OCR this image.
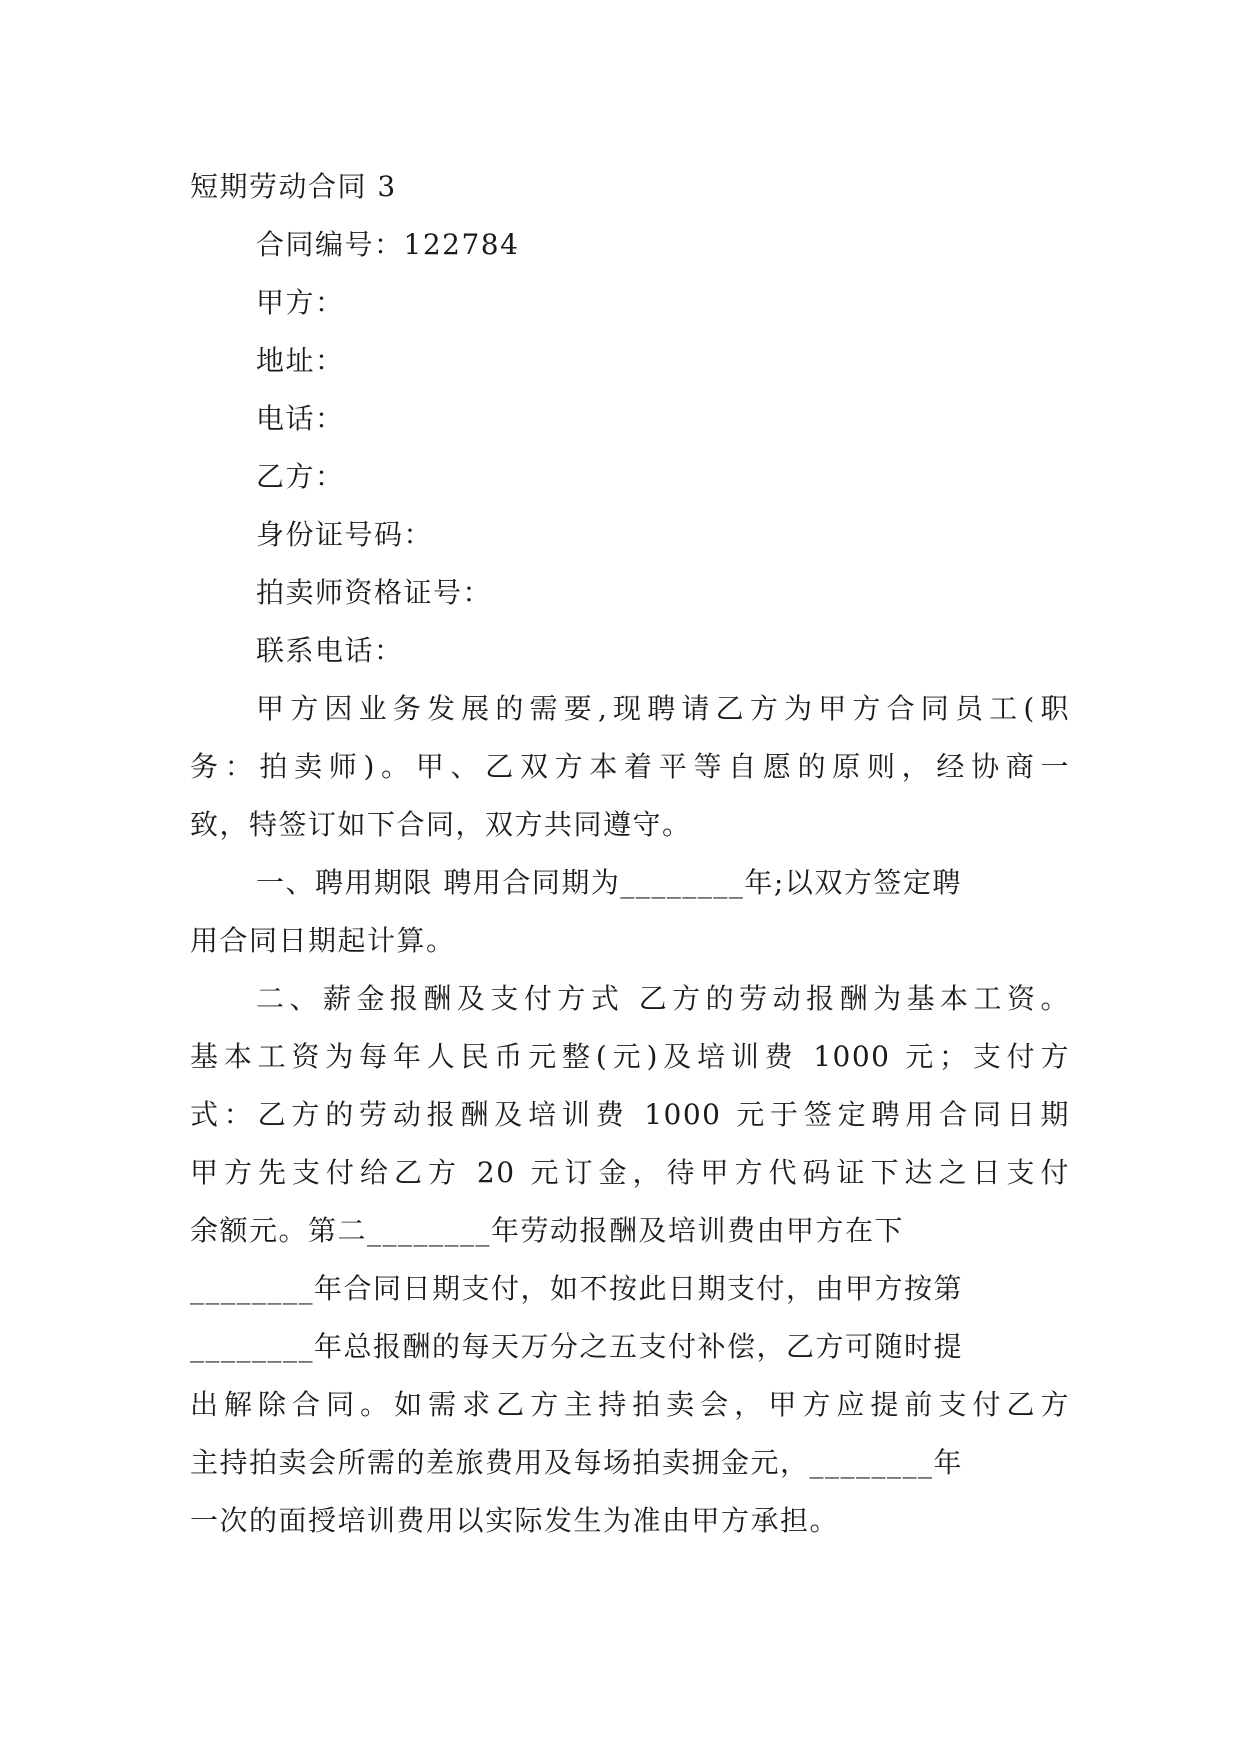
短期劳动合同 3
合同编号：122784
甲方：
地址：
电话：
乙方：
身份证号码：
拍卖师资格证号：
联系电话：
甲方因业务发展的需要,现聘请乙方为甲方合同员工(职
务：拍卖师)。甲、乙双方本着平等自愿的原则，经协商一
致，特签订如下合同，双方共同遵守。
一、聘用期限 聘用合同期为________年;以双方签定聘
用合同日期起计算。
二、薪金报酬及支付方式 乙方的劳动报酬为基本工资。
基本工资为每年人民币元整(元)及培训费 1000 元；支付方
式：乙方的劳动报酬及培训费 1000 元于签定聘用合同日期
甲方先支付给乙方 20 元订金，待甲方代码证下达之日支付
余额元。第二________年劳动报酬及培训费由甲方在下
________年合同日期支付，如不按此日期支付，由甲方按第
________年总报酬的每天万分之五支付补偿，乙方可随时提
出解除合同。如需求乙方主持拍卖会，甲方应提前支付乙方
主持拍卖会所需的差旅费用及每场拍卖拥金元，________年
一次的面授培训费用以实际发生为准由甲方承担。
